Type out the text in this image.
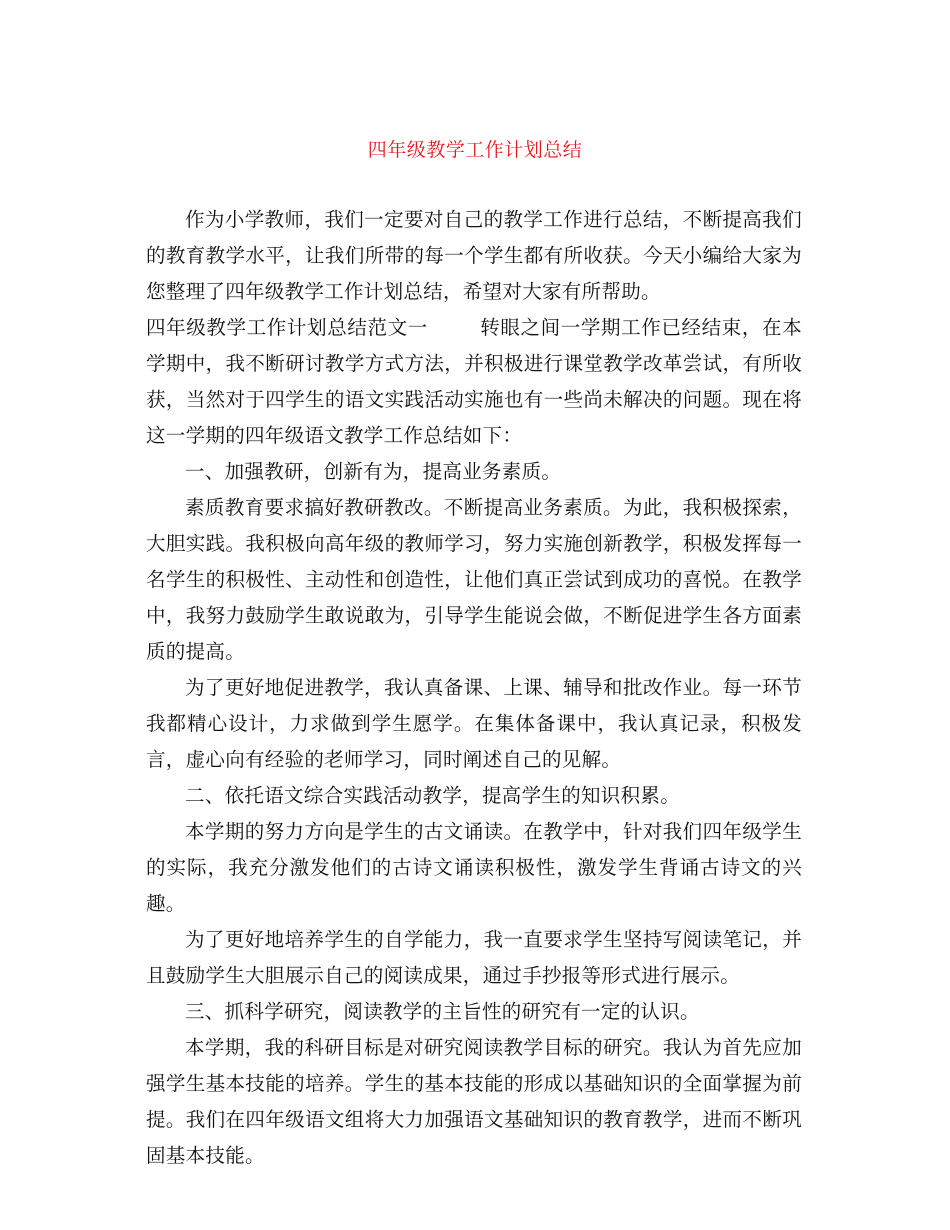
四年级教学工作计划总结

作为小学教师，我们一定要对自己的教学工作进行总结，不断提高我们的教育教学水平，让我们所带的每一个学生都有所收获。今天小编给大家为您整理了四年级教学工作计划总结，希望对大家有所帮助。

四年级教学工作计划总结范文一	转眼之间一学期工作已经结束，在本学期中，我不断研讨教学方式方法，并积极进行课堂教学改革尝试，有所收获，当然对于四学生的语文实践活动实施也有一些尚未解决的问题。现在将这一学期的四年级语文教学工作总结如下：

一、加强教研，创新有为，提高业务素质。

素质教育要求搞好教研教改。不断提高业务素质。为此，我积极探索，大胆实践。我积极向高年级的教师学习，努力实施创新教学，积极发挥每一名学生的积极性、主动性和创造性，让他们真正尝试到成功的喜悦。在教学中，我努力鼓励学生敢说敢为，引导学生能说会做，不断促进学生各方面素质的提高。

为了更好地促进教学，我认真备课、上课、辅导和批改作业。每一环节我都精心设计，力求做到学生愿学。在集体备课中，我认真记录，积极发言，虚心向有经验的老师学习，同时阐述自己的见解。

二、依托语文综合实践活动教学，提高学生的知识积累。

本学期的努力方向是学生的古文诵读。在教学中，针对我们四年级学生的实际，我充分激发他们的古诗文诵读积极性，激发学生背诵古诗文的兴趣。

为了更好地培养学生的自学能力，我一直要求学生坚持写阅读笔记，并且鼓励学生大胆展示自己的阅读成果，通过手抄报等形式进行展示。

三、抓科学研究，阅读教学的主旨性的研究有一定的认识。

本学期，我的科研目标是对研究阅读教学目标的研究。我认为首先应加强学生基本技能的培养。学生的基本技能的形成以基础知识的全面掌握为前提。我们在四年级语文组将大力加强语文基础知识的教育教学，进而不断巩固基本技能。
